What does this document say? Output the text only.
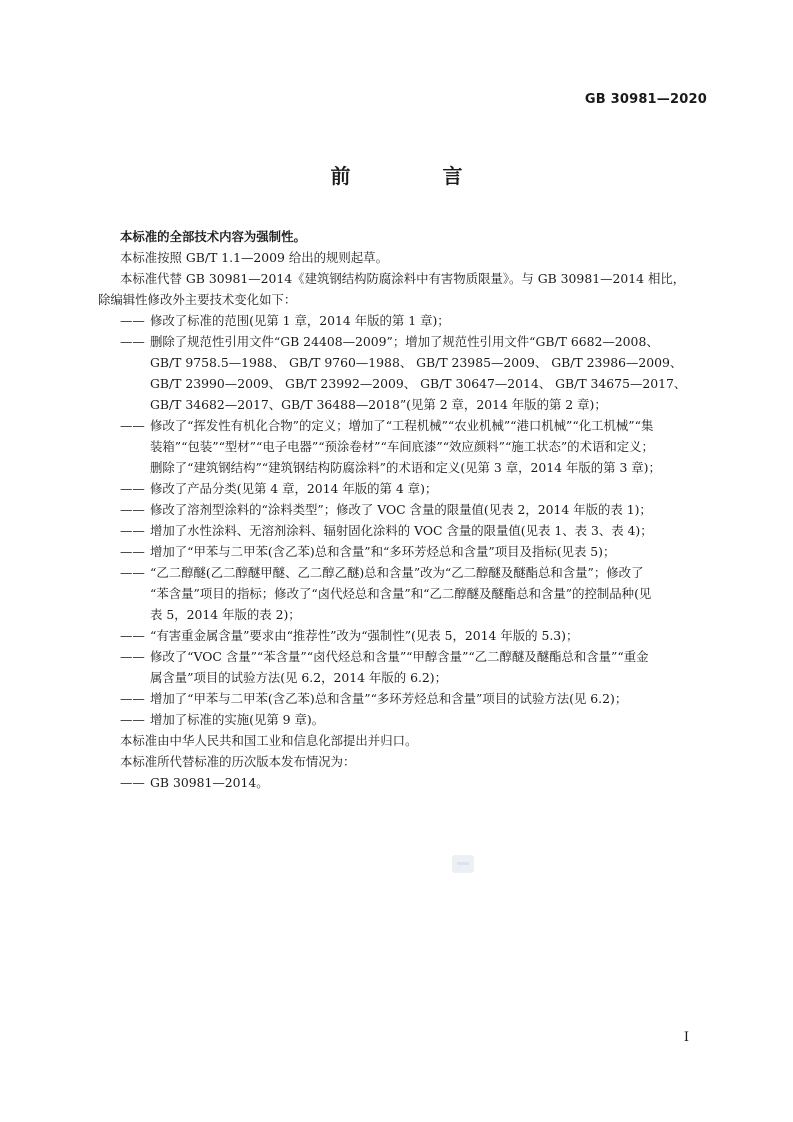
GB 30981—2020
前　言

本标准的全部技术内容为强制性。

本标准按照 GB/T 1.1—2009 给出的规则起草。

本标准代替 GB 30981—2014《建筑钢结构防腐涂料中有害物质限量》。与 GB 30981—2014 相比，

除编辑性修改外主要技术变化如下：

—— 修改了标准的范围(见第 1 章，2014 年版的第 1 章)；
—— 删除了规范性引用文件“GB 24408—2009”；增加了规范性引用文件“GB/T 6682—2008、
GB/T 9758.5—1988、 GB/T 9760—1988、 GB/T 23985—2009、 GB/T 23986—2009、
GB/T 23990—2009、 GB/T 23992—2009、 GB/T 30647—2014、 GB/T 34675—2017、
GB/T 34682—2017、GB/T 36488—2018”(见第 2 章，2014 年版的第 2 章)；
—— 修改了“挥发性有机化合物”的定义；增加了“工程机械”“农业机械”“港口机械”“化工机械”“集
装箱”“包装”“型材”“电子电器”“预涂卷材”“车间底漆”“效应颜料”“施工状态”的术语和定义；
删除了“建筑钢结构”“建筑钢结构防腐涂料”的术语和定义(见第 3 章，2014 年版的第 3 章)；
—— 修改了产品分类(见第 4 章，2014 年版的第 4 章)；
—— 修改了溶剂型涂料的“涂料类型”；修改了 VOC 含量的限量值(见表 2，2014 年版的表 1)；
—— 增加了水性涂料、无溶剂涂料、辐射固化涂料的 VOC 含量的限量值(见表 1、表 3、表 4)；
—— 增加了“甲苯与二甲苯(含乙苯)总和含量”和“多环芳烃总和含量”项目及指标(见表 5)；
—— “乙二醇醚(乙二醇醚甲醚、乙二醇乙醚)总和含量”改为“乙二醇醚及醚酯总和含量”；修改了
“苯含量”项目的指标；修改了“卤代烃总和含量”和“乙二醇醚及醚酯总和含量”的控制品种(见
表 5，2014 年版的表 2)；
—— “有害重金属含量”要求由“推荐性”改为“强制性”(见表 5，2014 年版的 5.3)；
—— 修改了“VOC 含量”“苯含量”“卤代烃总和含量”“甲醇含量”“乙二醇醚及醚酯总和含量”“重金
属含量”项目的试验方法(见 6.2，2014 年版的 6.2)；
—— 增加了“甲苯与二甲苯(含乙苯)总和含量”“多环芳烃总和含量”项目的试验方法(见 6.2)；
—— 增加了标准的实施(见第 9 章)。

本标准由中华人民共和国工业和信息化部提出并归口。

本标准所代替标准的历次版本发布情况为：

—— GB 30981—2014。
I
